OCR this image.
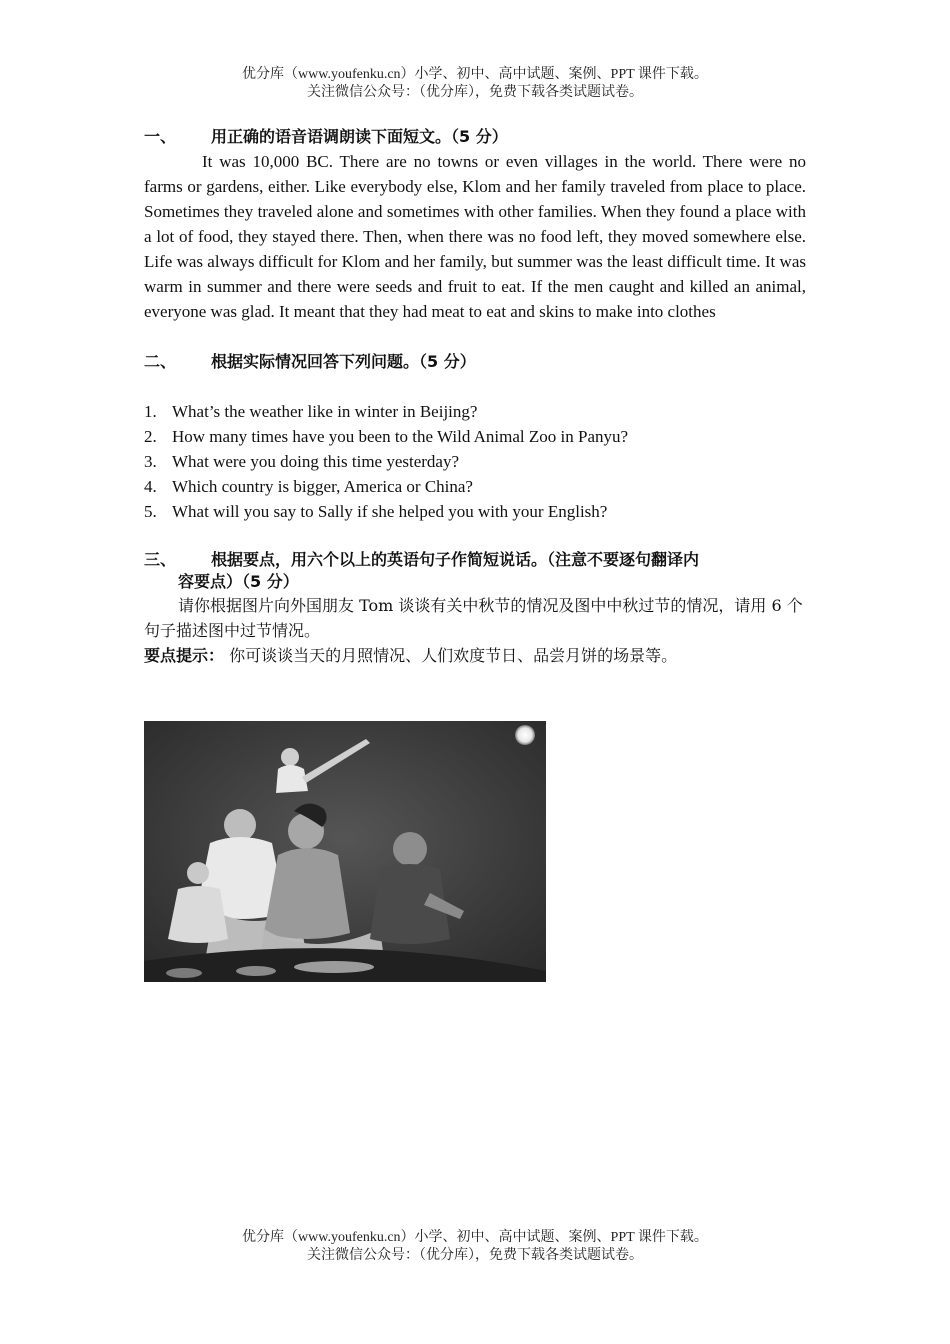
优分库（www.youfenku.cn）小学、初中、高中试题、案例、PPT 课件下载。
关注微信公众号：（优分库），免费下载各类试题试卷。
一、	用正确的语音语调朗读下面短文。（5 分）

It was 10,000 BC. There are no towns or even villages in the world. There were no farms or gardens, either. Like everybody else, Klom and her family traveled from place to place. Sometimes they traveled alone and sometimes with other families. When they found a place with a lot of food, they stayed there. Then, when there was no food left, they moved somewhere else. Life was always difficult for Klom and her family, but summer was the least difficult time. It was warm in summer and there were seeds and fruit to eat. If the men caught and killed an animal, everyone was glad. It meant that they had meat to eat and skins to make into clothes

二、	根据实际情况回答下列问题。（5 分）
1. What’s the weather like in winter in Beijing?
2. How many times have you been to the Wild Animal Zoo in Panyu?
3. What were you doing this time yesterday?
4. Which country is bigger, America or China?
5. What will you say to Sally if she helped you with your English?
三、	根据要点，用六个以上的英语句子作简短说话。（注意不要逐句翻译内
容要点）（5 分）

请你根据图片向外国朋友 Tom 谈谈有关中秋节的情况及图中中秋过节的情况，请用 6 个句子描述图中过节情况。

要点提示： 你可谈谈当天的月照情况、人们欢度节日、品尝月饼的场景等。
优分库（www.youfenku.cn）小学、初中、高中试题、案例、PPT 课件下载。
关注微信公众号：（优分库），免费下载各类试题试卷。
